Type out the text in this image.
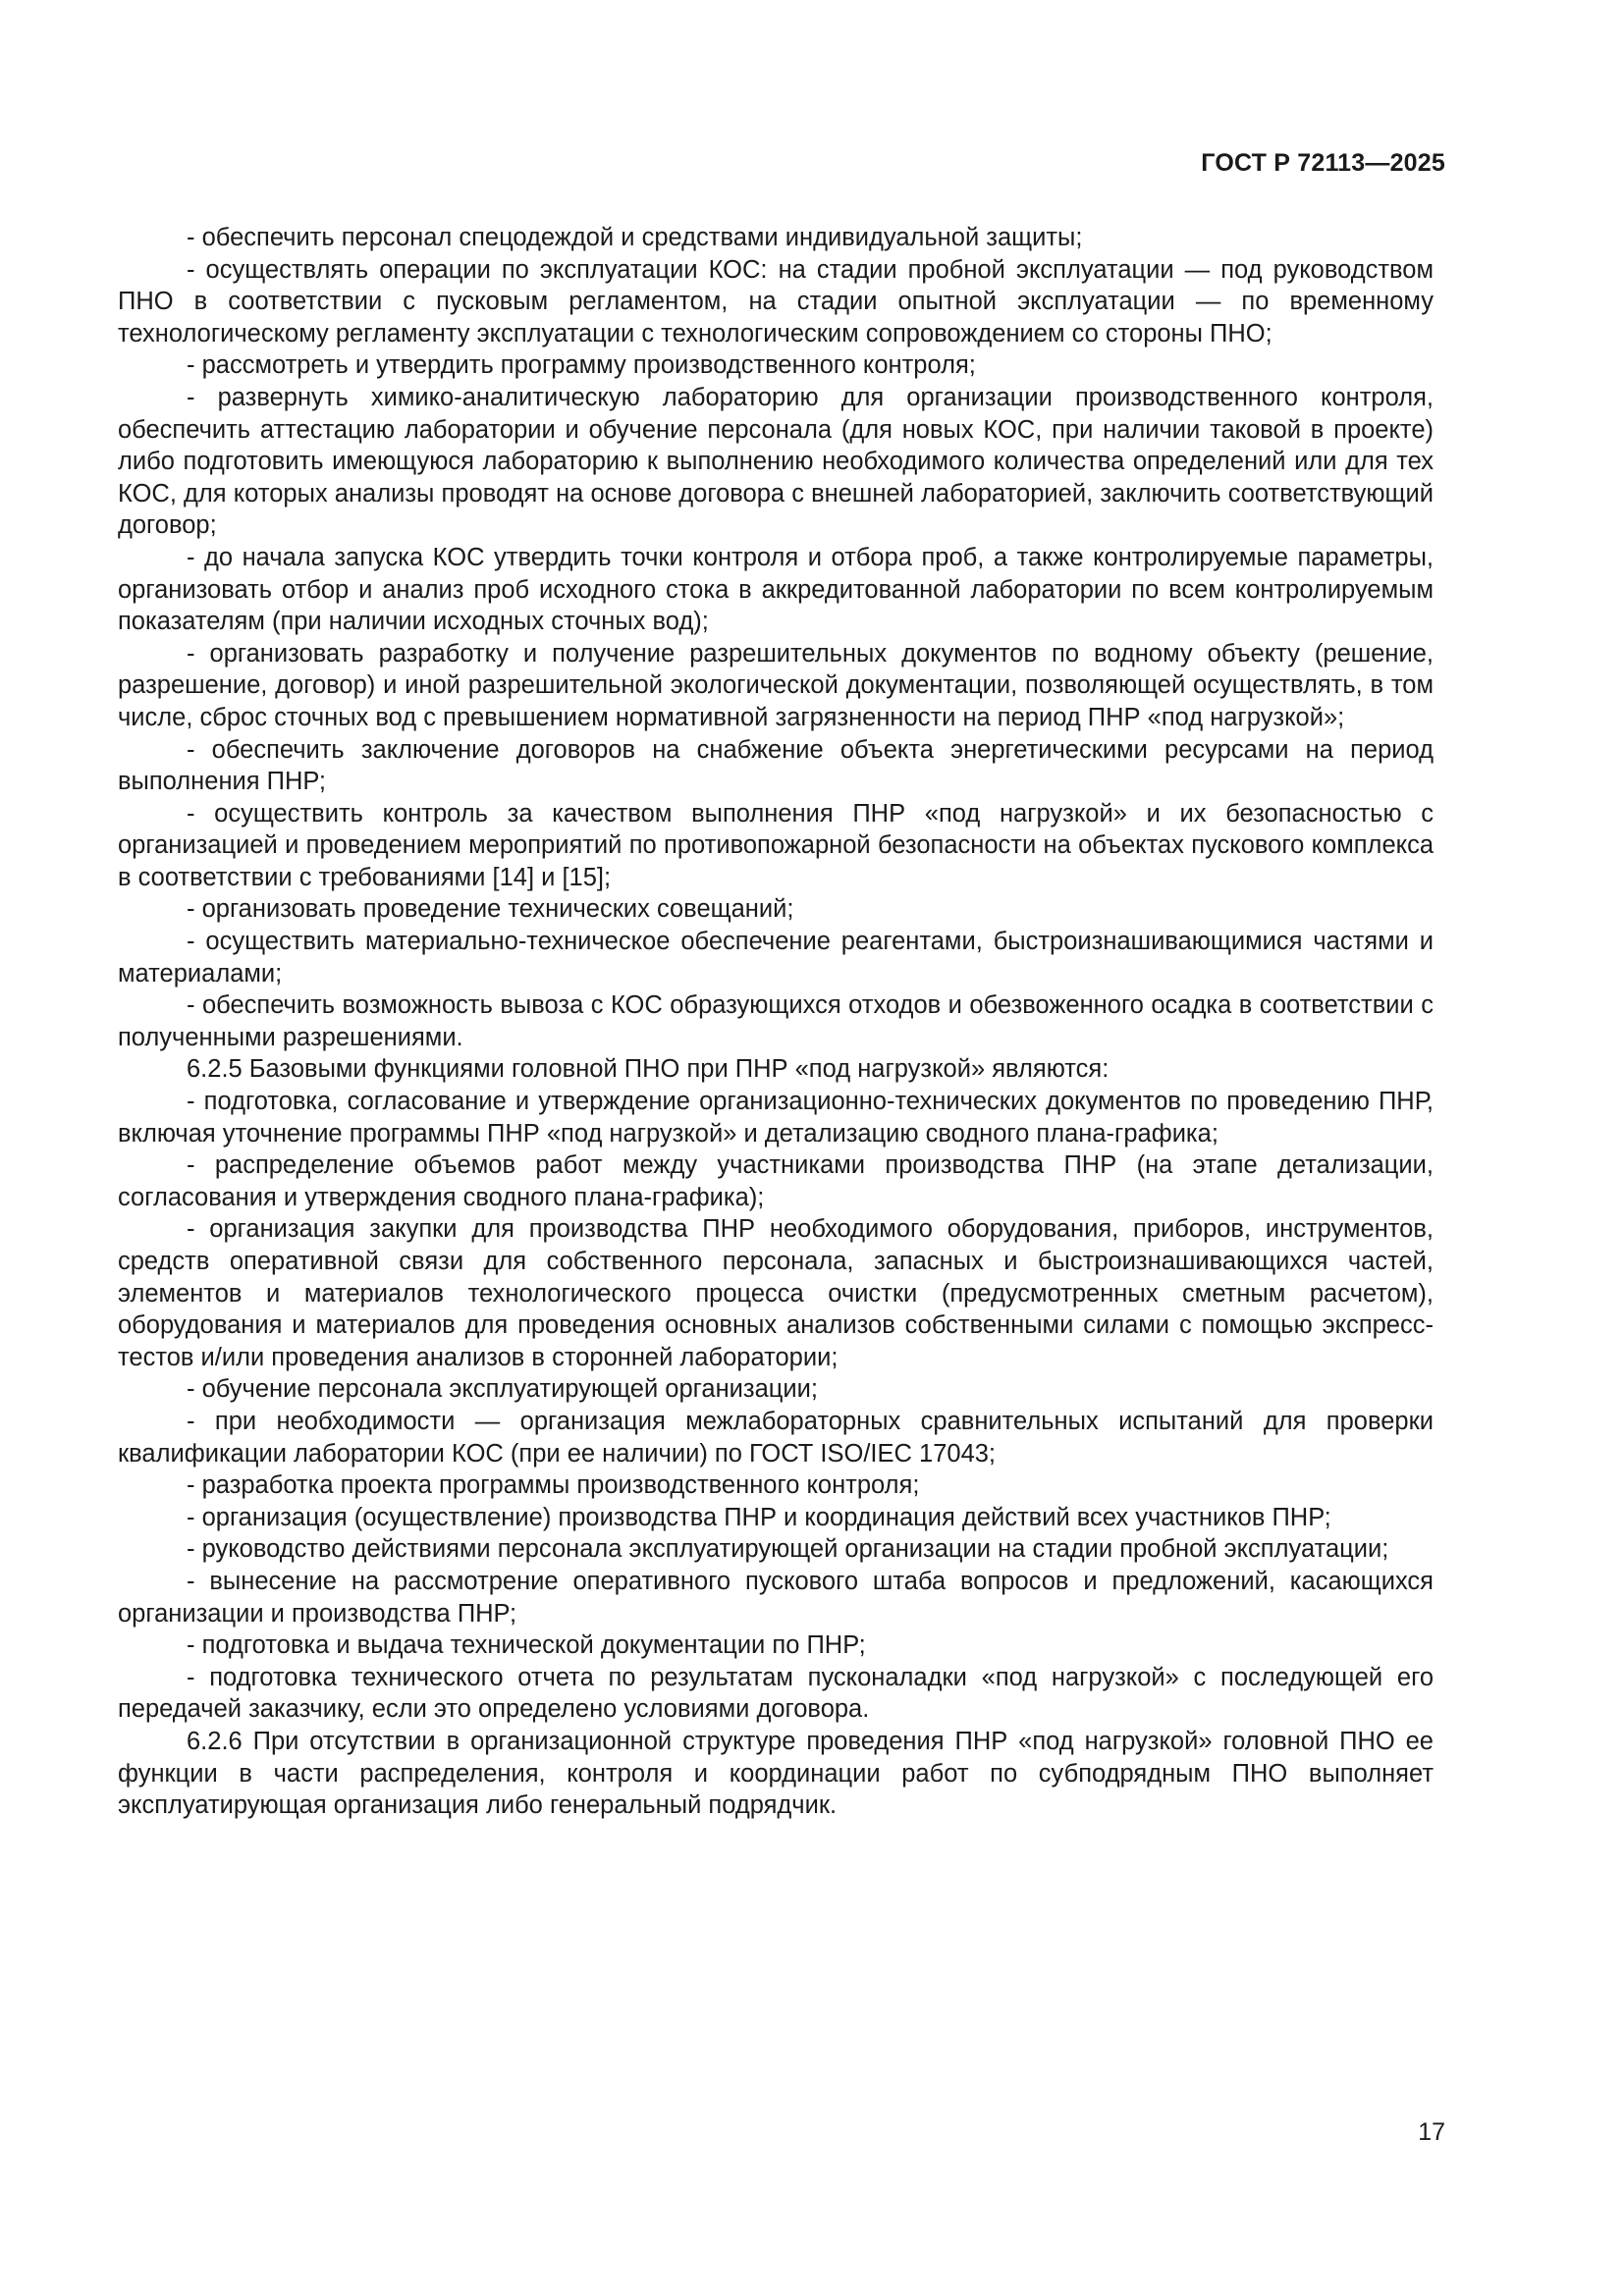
ГОСТ Р 72113—2025

- обеспечить персонал спецодеждой и средствами индивидуальной защиты;

- осуществлять операции по эксплуатации КОС: на стадии пробной эксплуатации — под руководством ПНО в соответствии с пусковым регламентом, на стадии опытной эксплуатации — по временному технологическому регламенту эксплуатации с технологическим сопровождением со стороны ПНО;

- рассмотреть и утвердить программу производственного контроля;

- развернуть химико-аналитическую лабораторию для организации производственного контроля, обеспечить аттестацию лаборатории и обучение персонала (для новых КОС, при наличии таковой в проекте) либо подготовить имеющуюся лабораторию к выполнению необходимого количества определений или для тех КОС, для которых анализы проводят на основе договора с внешней лабораторией, заключить соответствующий договор;

- до начала запуска КОС утвердить точки контроля и отбора проб, а также контролируемые параметры, организовать отбор и анализ проб исходного стока в аккредитованной лаборатории по всем контролируемым показателям (при наличии исходных сточных вод);

- организовать разработку и получение разрешительных документов по водному объекту (решение, разрешение, договор) и иной разрешительной экологической документации, позволяющей осуществлять, в том числе, сброс сточных вод с превышением нормативной загрязненности на период ПНР «под нагрузкой»;

- обеспечить заключение договоров на снабжение объекта энергетическими ресурсами на период выполнения ПНР;

- осуществить контроль за качеством выполнения ПНР «под нагрузкой» и их безопасностью с организацией и проведением мероприятий по противопожарной безопасности на объектах пускового комплекса в соответствии с требованиями [14] и [15];

- организовать проведение технических совещаний;

- осуществить материально-техническое обеспечение реагентами, быстроизнашивающимися частями и материалами;

- обеспечить возможность вывоза с КОС образующихся отходов и обезвоженного осадка в соответствии с полученными разрешениями.

6.2.5 Базовыми функциями головной ПНО при ПНР «под нагрузкой» являются:

- подготовка, согласование и утверждение организационно-технических документов по проведению ПНР, включая уточнение программы ПНР «под нагрузкой» и детализацию сводного плана-графика;

- распределение объемов работ между участниками производства ПНР (на этапе детализации, согласования и утверждения сводного плана-графика);

- организация закупки для производства ПНР необходимого оборудования, приборов, инструментов, средств оперативной связи для собственного персонала, запасных и быстроизнашивающихся частей, элементов и материалов технологического процесса очистки (предусмотренных сметным расчетом), оборудования и материалов для проведения основных анализов собственными силами с помощью экспресс-тестов и/или проведения анализов в сторонней лаборатории;

- обучение персонала эксплуатирующей организации;

- при необходимости — организация межлабораторных сравнительных испытаний для проверки квалификации лаборатории КОС (при ее наличии) по ГОСТ ISO/IEC 17043;

- разработка проекта программы производственного контроля;

- организация (осуществление) производства ПНР и координация действий всех участников ПНР;

- руководство действиями персонала эксплуатирующей организации на стадии пробной эксплуатации;

- вынесение на рассмотрение оперативного пускового штаба вопросов и предложений, касающихся организации и производства ПНР;

- подготовка и выдача технической документации по ПНР;

- подготовка технического отчета по результатам пусконаладки «под нагрузкой» с последующей его передачей заказчику, если это определено условиями договора.

6.2.6 При отсутствии в организационной структуре проведения ПНР «под нагрузкой» головной ПНО ее функции в части распределения, контроля и координации работ по субподрядным ПНО выполняет эксплуатирующая организация либо генеральный подрядчик.

17
